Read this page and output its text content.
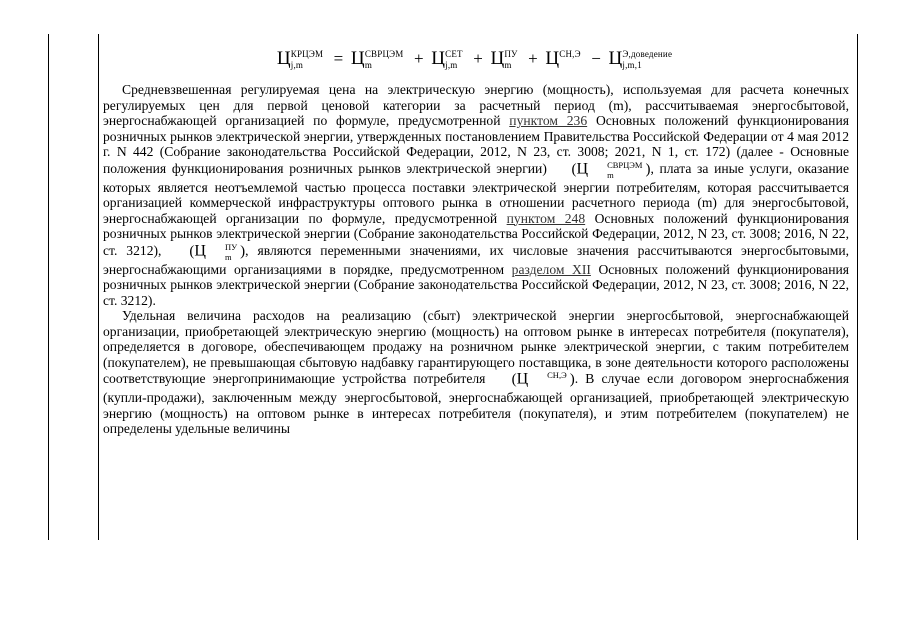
Ц КРЦЭМ
j,m	= Ц СВРЦЭМ
m	+ Ц СЕТ
j,m + Ц ПУ
m + Ц СН,Э
− Ц Э,доведение
j,m,1

Средневзвешенная регулируемая цена на электрическую энергию (мощность), используемая для расчета конечных регулируемых цен для первой ценовой категории за расчетный период (m), рассчитываемая энергосбытовой, энергоснабжающей организацией по формуле, предусмотренной пунктом 236 Основных положений функционирования розничных рынков электрической энергии, утвержденных постановлением Правительства Российской Федерации от 4 мая 2012 г. N 442 (Собрание законодательства Российской Федерации, 2012, N 23, ст. 3008; 2021, N 1, ст. 172) (далее - Основные положения функционирования розничных рынков электрической энергии) (Ц	СВРЦЭМ
m	), плата за иные услуги, оказание которых является неотъемлемой частью процесса поставки электрической энергии потребителям, которая рассчитывается организацией коммерческой инфраструктуры оптового рынка в отношении расчетного периода (m) для энергосбытовой, энергоснабжающей организации по формуле, предусмотренной пунктом 248 Основных положений функционирования розничных рынков электрической энергии (Собрание законодательства Российской Федерации, 2012, N 23, ст. 3008; 2016, N 22, ст. 3212), (Ц	ПУ
m ), являются переменными значениями, их числовые значения рассчитываются энергосбытовыми, энергоснабжающими организациями в порядке, предусмотренном разделом XII Основных положений функционирования розничных рынков электрической энергии (Собрание законодательства Российской Федерации, 2012, N 23, ст. 3008; 2016, N 22, ст. 3212).

Удельная величина расходов на реализацию (сбыт) электрической энергии энергосбытовой, энергоснабжающей организации, приобретающей электрическую энергию (мощность) на оптовом рынке в интересах потребителя (покупателя), определяется в договоре, обеспечивающем продажу на розничном рынке электрической энергии, с таким потребителем (покупателем), не превышающая сбытовую надбавку гарантирующего поставщика, в зоне деятельности которого расположены соответствующие энергопринимающие устройства потребителя (Ц	СН,Э
). В случае если договором энергоснабжения (купли-продажи), заключенным между энергосбытовой, энергоснабжающей организацией, приобретающей электрическую энергию (мощность) на оптовом рынке в интересах потребителя (покупателя), и этим потребителем (покупателем) не определены удельные величины
